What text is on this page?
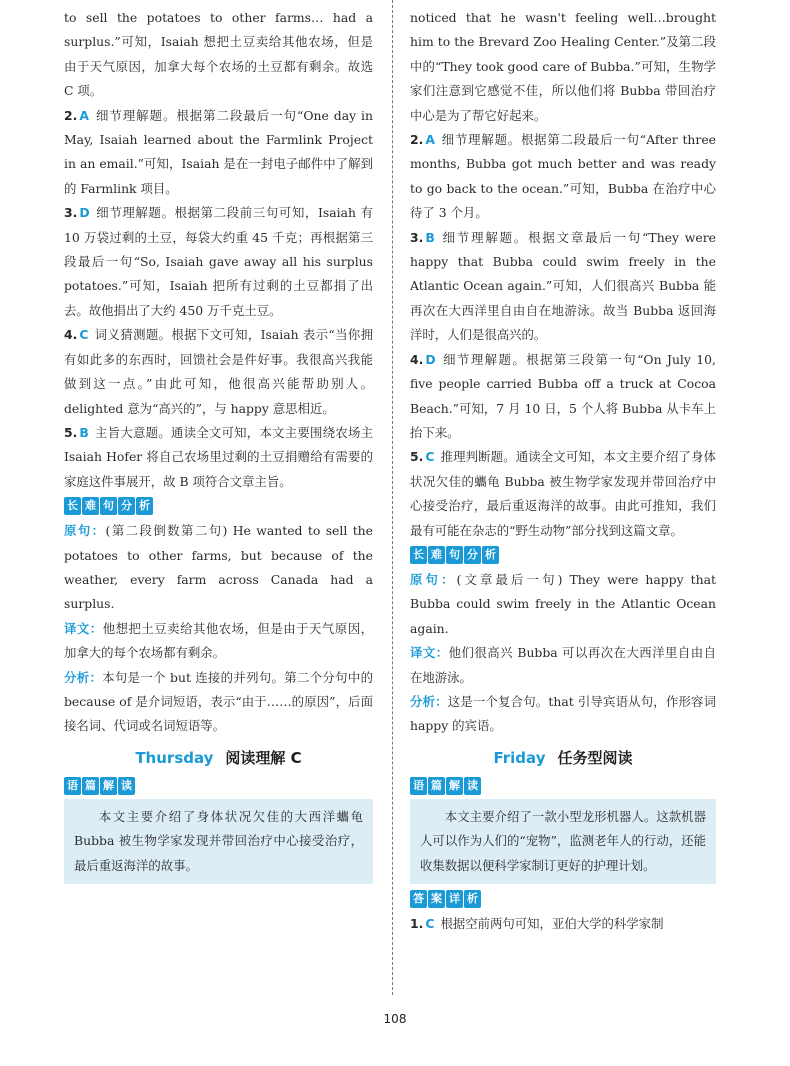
to sell the potatoes to other farms… had a surplus.”可知，Isaiah 想把土豆卖给其他农场，但是由于天气原因，加拿大每个农场的土豆都有剩余。故选 C 项。

2. A 细节理解题。根据第二段最后一句“One day in May, Isaiah learned about the Farmlink Project in an email.”可知，Isaiah 是在一封电子邮件中了解到的 Farmlink 项目。

3. D 细节理解题。根据第二段前三句可知，Isaiah 有 10 万袋过剩的土豆，每袋大约重 45 千克；再根据第三段最后一句“So, Isaiah gave away all his surplus potatoes.”可知，Isaiah 把所有过剩的土豆都捐了出去。故他捐出了大约 450 万千克土豆。

4. C 词义猜测题。根据下文可知，Isaiah 表示“当你拥有如此多的东西时，回馈社会是件好事。我很高兴我能做到这一点。”由此可知，他很高兴能帮助别人。delighted 意为“高兴的”，与 happy 意思相近。

5. B 主旨大意题。通读全文可知，本文主要围绕农场主 Isaiah Hofer 将自己农场里过剩的土豆捐赠给有需要的家庭这件事展开，故 B 项符合文章主旨。

长 难 句 分 析

原句：(第二段倒数第二句) He wanted to sell the potatoes to other farms, but because of the weather, every farm across Canada had a surplus.

译文：他想把土豆卖给其他农场，但是由于天气原因，加拿大的每个农场都有剩余。

分析：本句是一个 but 连接的并列句。第二个分句中的 because of 是介词短语，表示“由于……的原因”，后面接名词、代词或名词短语等。

Thursday 阅读理解 C
语 篇 解 读
本文主要介绍了身体状况欠佳的大西洋蠵龟 Bubba 被生物学家发现并带回治疗中心接受治疗，最后重返海洋的故事。

noticed that he wasn't feeling well…brought him to the Brevard Zoo Healing Center.”及第二段中的“They took good care of Bubba.”可知，生物学家们注意到它感觉不佳，所以他们将 Bubba 带回治疗中心是为了帮它好起来。

2. A 细节理解题。根据第二段最后一句“After three months, Bubba got much better and was ready to go back to the ocean.”可知，Bubba 在治疗中心待了 3 个月。

3. B 细节理解题。根据文章最后一句“They were happy that Bubba could swim freely in the Atlantic Ocean again.”可知，人们很高兴 Bubba 能再次在大西洋里自由自在地游泳。故当 Bubba 返回海洋时，人们是很高兴的。

4. D 细节理解题。根据第三段第一句“On July 10, five people carried Bubba off a truck at Cocoa Beach.”可知，7 月 10 日，5 个人将 Bubba 从卡车上抬下来。

5. C 推理判断题。通读全文可知，本文主要介绍了身体状况欠佳的蠵龟 Bubba 被生物学家发现并带回治疗中心接受治疗，最后重返海洋的故事。由此可推知，我们最有可能在杂志的“野生动物”部分找到这篇文章。

长 难 句 分 析

原句：(文章最后一句) They were happy that Bubba could swim freely in the Atlantic Ocean again.

译文：他们很高兴 Bubba 可以再次在大西洋里自由自在地游泳。

分析：这是一个复合句。that 引导宾语从句，作形容词 happy 的宾语。

Friday 任务型阅读
语 篇 解 读
本文主要介绍了一款小型龙形机器人。这款机器人可以作为人们的“宠物”，监测老年人的行动，还能收集数据以便科学家制订更好的护理计划。
答 案 详 析

1. C 根据空前两句可知，亚伯大学的科学家制

108
